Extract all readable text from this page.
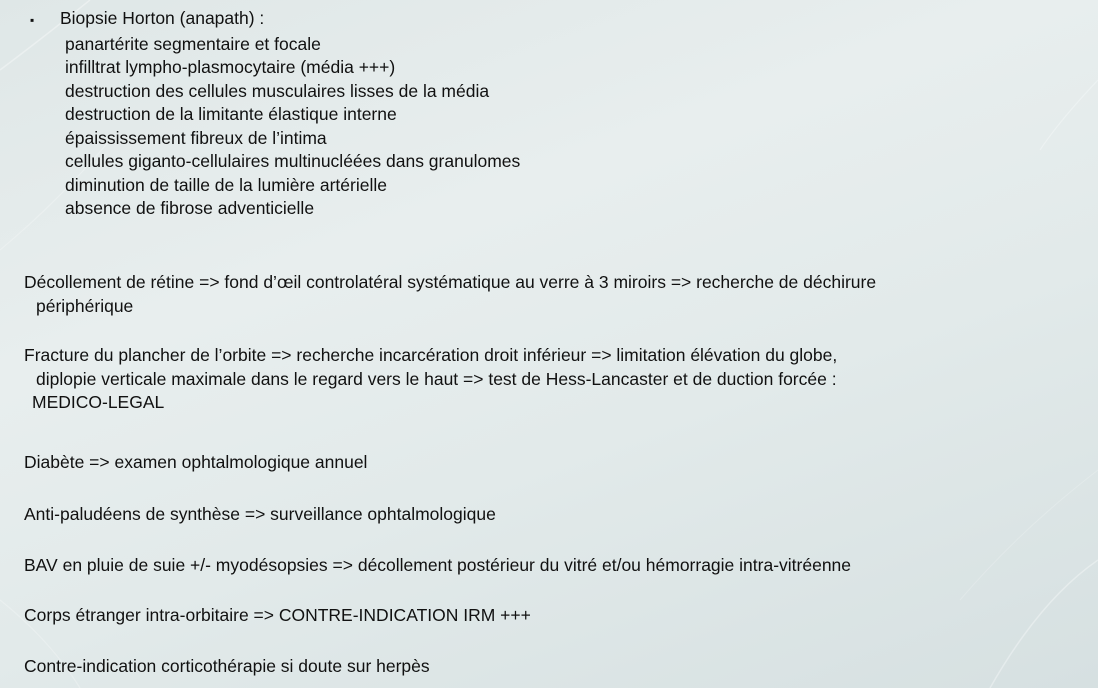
▪	Biopsie Horton (anapath) :
panartérite segmentaire et focale
infilltrat lympho-plasmocytaire (média +++)
destruction des cellules musculaires lisses de la média
destruction de la limitante élastique interne
épaississement fibreux de l’intima
cellules giganto-cellulaires multinucléées dans granulomes
diminution de taille de la lumière artérielle
absence de fibrose adventicielle
Décollement de rétine => fond d’œil controlatéral systématique au verre à 3 miroirs => recherche de déchirure
périphérique
Fracture du plancher de l’orbite => recherche incarcération droit inférieur => limitation élévation du globe,
diplopie verticale maximale dans le regard vers le haut => test de Hess-Lancaster et de duction forcée :
MEDICO-LEGAL
Diabète => examen ophtalmologique annuel
Anti-paludéens de synthèse => surveillance ophtalmologique
BAV en pluie de suie +/- myodésopsies => décollement postérieur du vitré et/ou hémorragie intra-vitréenne
Corps étranger intra-orbitaire => CONTRE-INDICATION IRM +++
Contre-indication corticothérapie si doute sur herpès
